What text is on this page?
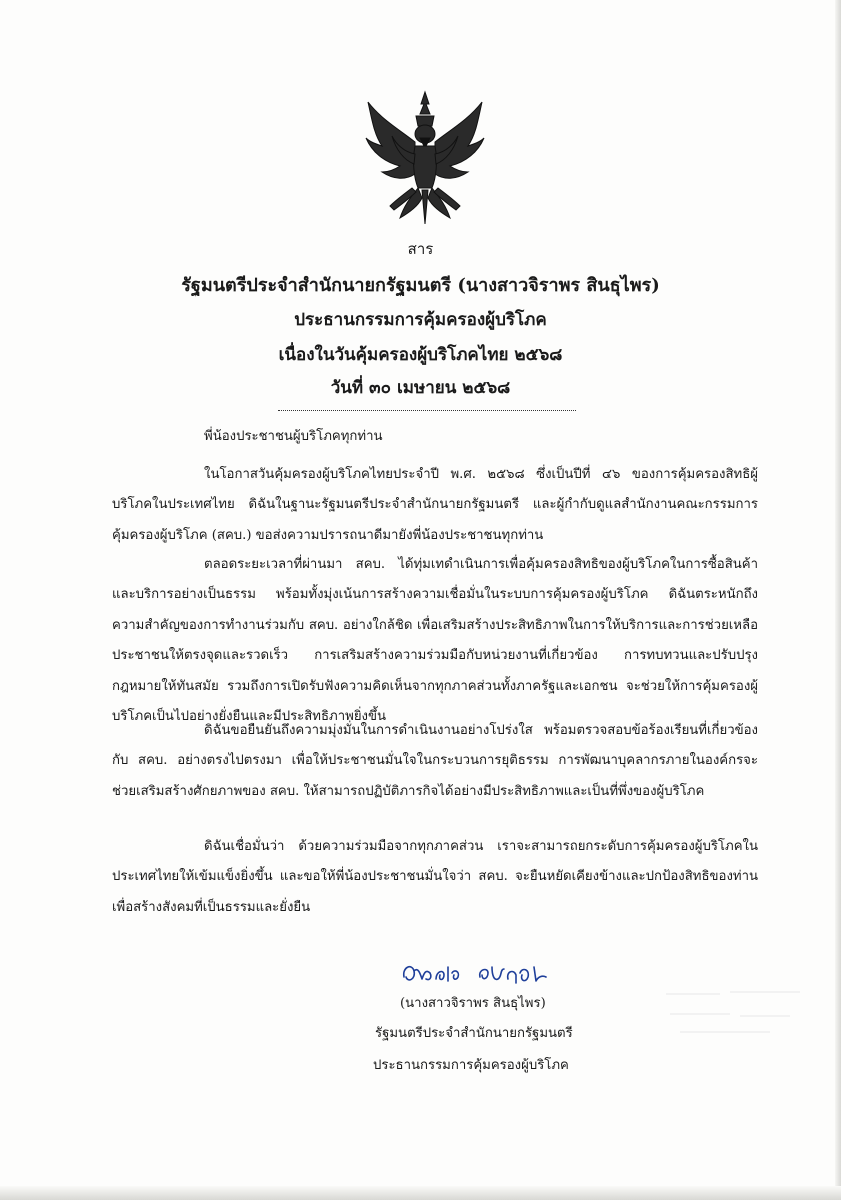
สาร
รัฐมนตรีประจำสำนักนายกรัฐมนตรี (นางสาวจิราพร สินธุไพร)
ประธานกรรมการคุ้มครองผู้บริโภค
เนื่องในวันคุ้มครองผู้บริโภคไทย ๒๕๖๘
วันที่ ๓๐ เมษายน ๒๕๖๘
พี่น้องประชาชนผู้บริโภคทุกท่าน

ในโอกาสวันคุ้มครองผู้บริโภคไทยประจำปี พ.ศ. ๒๕๖๘ ซึ่งเป็นปีที่ ๔๖ ของการคุ้มครองสิทธิผู้บริโภคในประเทศไทย ดิฉันในฐานะรัฐมนตรีประจำสำนักนายกรัฐมนตรี และผู้กำกับดูแลสำนักงานคณะกรรมการคุ้มครองผู้บริโภค (สคบ.) ขอส่งความปรารถนาดีมายังพี่น้องประชาชนทุกท่าน

ตลอดระยะเวลาที่ผ่านมา สคบ. ได้ทุ่มเทดำเนินการเพื่อคุ้มครองสิทธิของผู้บริโภคในการซื้อสินค้าและบริการอย่างเป็นธรรม พร้อมทั้งมุ่งเน้นการสร้างความเชื่อมั่นในระบบการคุ้มครองผู้บริโภค ดิฉันตระหนักถึงความสำคัญของการทำงานร่วมกับ สคบ. อย่างใกล้ชิด เพื่อเสริมสร้างประสิทธิภาพในการให้บริการและการช่วยเหลือประชาชนให้ตรงจุดและรวดเร็ว การเสริมสร้างความร่วมมือกับหน่วยงานที่เกี่ยวข้อง การทบทวนและปรับปรุงกฎหมายให้ทันสมัย รวมถึงการเปิดรับฟังความคิดเห็นจากทุกภาคส่วนทั้งภาครัฐและเอกชน จะช่วยให้การคุ้มครองผู้บริโภคเป็นไปอย่างยั่งยืนและมีประสิทธิภาพยิ่งขึ้น

ดิฉันขอยืนยันถึงความมุ่งมั่นในการดำเนินงานอย่างโปร่งใส พร้อมตรวจสอบข้อร้องเรียนที่เกี่ยวข้องกับ สคบ. อย่างตรงไปตรงมา เพื่อให้ประชาชนมั่นใจในกระบวนการยุติธรรม การพัฒนาบุคลากรภายในองค์กรจะช่วยเสริมสร้างศักยภาพของ สคบ. ให้สามารถปฏิบัติภารกิจได้อย่างมีประสิทธิภาพและเป็นที่พึ่งของผู้บริโภค

ดิฉันเชื่อมั่นว่า ด้วยความร่วมมือจากทุกภาคส่วน เราจะสามารถยกระดับการคุ้มครองผู้บริโภคในประเทศไทยให้เข้มแข็งยิ่งขึ้น และขอให้พี่น้องประชาชนมั่นใจว่า สคบ. จะยืนหยัดเคียงข้างและปกป้องสิทธิของท่าน เพื่อสร้างสังคมที่เป็นธรรมและยั่งยืน

(นางสาวจิราพร สินธุไพร)
รัฐมนตรีประจำสำนักนายกรัฐมนตรี
ประธานกรรมการคุ้มครองผู้บริโภค
